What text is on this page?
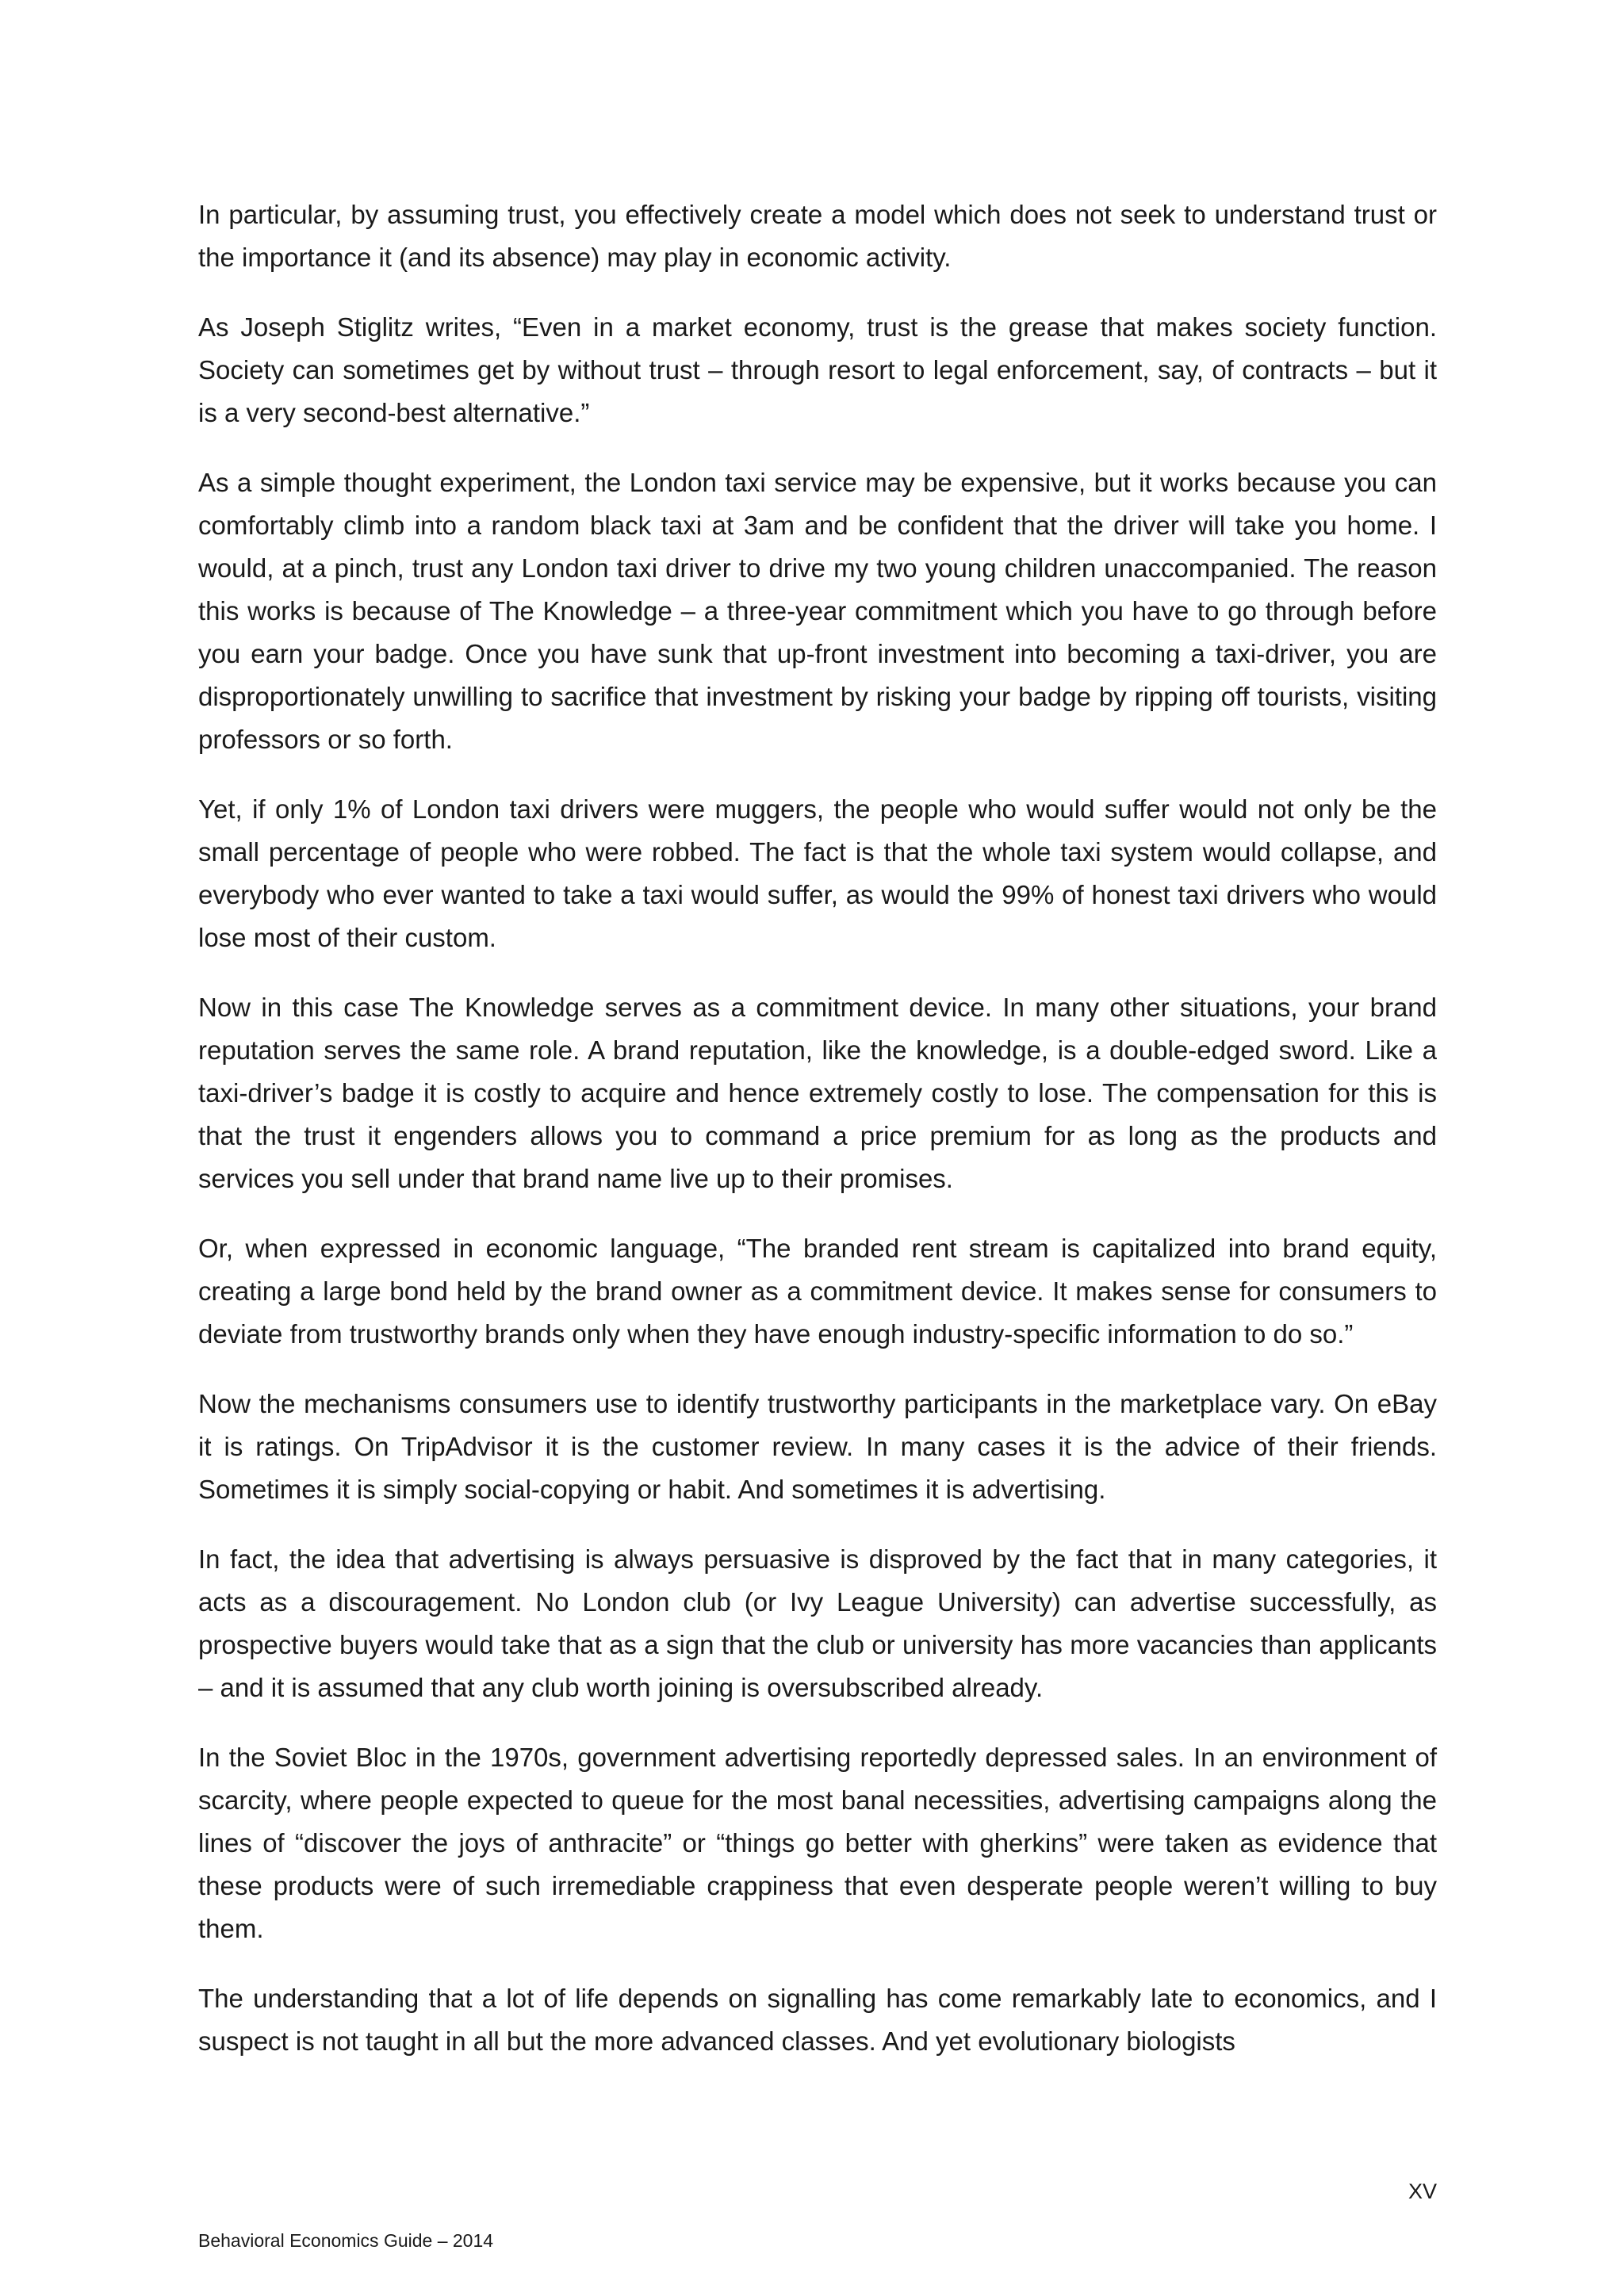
In particular, by assuming trust, you effectively create a model which does not seek to understand trust or the importance it (and its absence) may play in economic activity.

As Joseph Stiglitz writes, “Even in a market economy, trust is the grease that makes society function. Society can sometimes get by without trust – through resort to legal enforcement, say, of contracts – but it is a very second-best alternative.”

As a simple thought experiment, the London taxi service may be expensive, but it works because you can comfortably climb into a random black taxi at 3am and be confident that the driver will take you home. I would, at a pinch, trust any London taxi driver to drive my two young children unaccompanied. The reason this works is because of The Knowledge – a three-year commitment which you have to go through before you earn your badge. Once you have sunk that up-front investment into becoming a taxi-driver, you are disproportionately unwilling to sacrifice that investment by risking your badge by ripping off tourists, visiting professors or so forth.

Yet, if only 1% of London taxi drivers were muggers, the people who would suffer would not only be the small percentage of people who were robbed. The fact is that the whole taxi system would collapse, and everybody who ever wanted to take a taxi would suffer, as would the 99% of honest taxi drivers who would lose most of their custom.

Now in this case The Knowledge serves as a commitment device. In many other situations, your brand reputation serves the same role. A brand reputation, like the knowledge, is a double-edged sword. Like a taxi-driver’s badge it is costly to acquire and hence extremely costly to lose. The compensation for this is that the trust it engenders allows you to command a price premium for as long as the products and services you sell under that brand name live up to their promises.

Or, when expressed in economic language, “The branded rent stream is capitalized into brand equity, creating a large bond held by the brand owner as a commitment device. It makes sense for consumers to deviate from trustworthy brands only when they have enough industry-specific information to do so.”

Now the mechanisms consumers use to identify trustworthy participants in the marketplace vary. On eBay it is ratings. On TripAdvisor it is the customer review. In many cases it is the advice of their friends. Sometimes it is simply social-copying or habit. And sometimes it is advertising.

In fact, the idea that advertising is always persuasive is disproved by the fact that in many categories, it acts as a discouragement. No London club (or Ivy League University) can advertise successfully, as prospective buyers would take that as a sign that the club or university has more vacancies than applicants – and it is assumed that any club worth joining is oversubscribed already.

In the Soviet Bloc in the 1970s, government advertising reportedly depressed sales. In an environment of scarcity, where people expected to queue for the most banal necessities, advertising campaigns along the lines of “discover the joys of anthracite” or “things go better with gherkins” were taken as evidence that these products were of such irremediable crappiness that even desperate people weren’t willing to buy them.

The understanding that a lot of life depends on signalling has come remarkably late to economics, and I suspect is not taught in all but the more advanced classes. And yet evolutionary biologists

XV
Behavioral Economics Guide – 2014
